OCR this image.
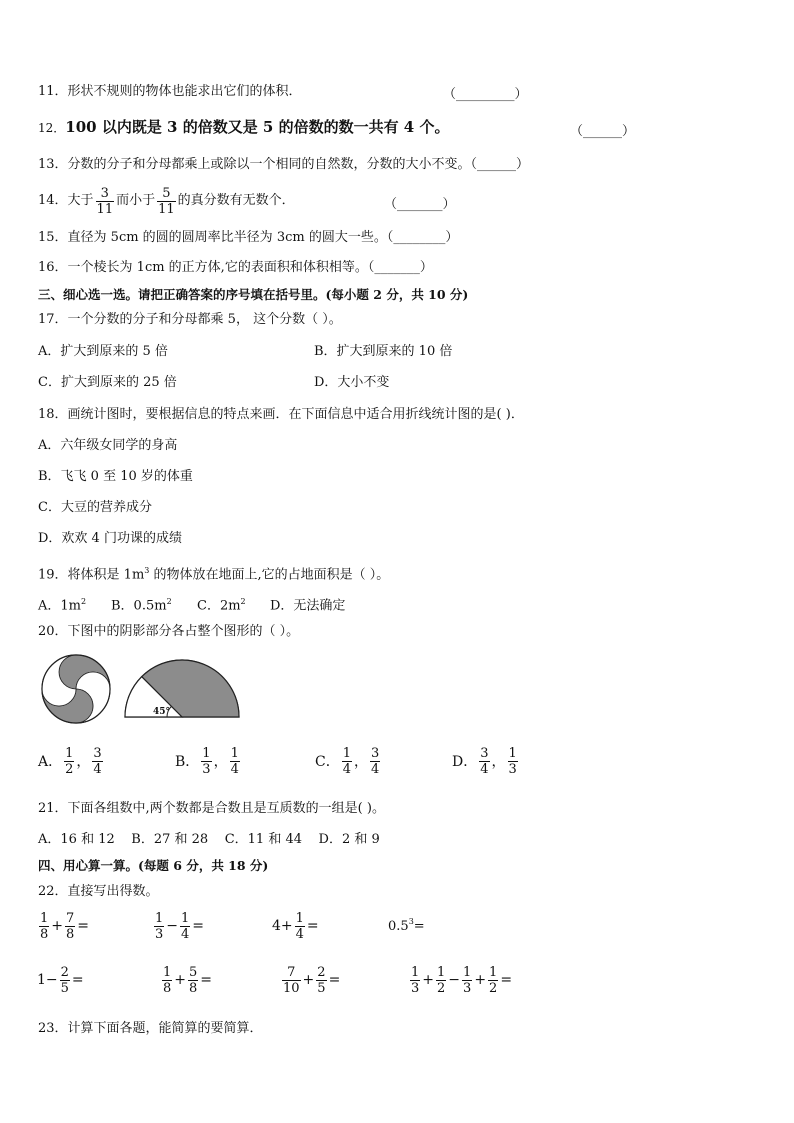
11．形状不规则的物体也能求出它们的体积．	（_________）
12．100 以内既是 3 的倍数又是 5 的倍数的数一共有 4 个。	（______）
13．分数的分子和分母都乘上或除以一个相同的自然数，分数的大小不变。（______）
14．大于 $\frac{3}{11}$ 而小于 $\frac{5}{11}$ 的真分数有无数个．	（_______）
15．直径为 5cm 的圆的圆周率比半径为 3cm 的圆大一些。（________）
16．一个棱长为 1cm 的正方体,它的表面积和体积相等。（_______）
三、细心选一选。请把正确答案的序号填在括号里。(每小题 2 分，共 10 分)
17．一个分数的分子和分母都乘 5， 这个分数（ ）。
A．扩大到原来的 5 倍	B．扩大到原来的 10 倍
C．扩大到原来的 25 倍	D．大小不变
18．画统计图时，要根据信息的特点来画．在下面信息中适合用折线统计图的是( )．
A．六年级女同学的身高
B．飞飞 0 至 10 岁的体重
C．大豆的营养成分
D．欢欢 4 门功课的成绩
19．将体积是 $1m^3$ 的物体放在地面上,它的占地面积是（ ）。
A．$1m^2$ B．$0.5m^2$ C．$2m^2$ D．无法确定
20．下图中的阴影部分各占整个图形的（ ）。
45°
A． $\frac{1}{2}$ ， $\frac{3}{4}$	B． $\frac{1}{3}$ ， $\frac{1}{4}$	C． $\frac{1}{4}$ ， $\frac{3}{4}$	D． $\frac{3}{4}$ ， $\frac{1}{3}$
21．下面各组数中,两个数都是合数且是互质数的一组是( )。
A．16 和 12    B．27 和 28    C．11 和 44    D．2 和 9
四、用心算一算。(每题 6 分，共 18 分)
22．直接写出得数。
$\frac{1}{8} + \frac{7}{8}$ =	$\frac{1}{3} - \frac{1}{4}$ =	$4+ \frac{1}{4}$ =	0.5 3 =
$1- \frac{2}{5}$ =	$\frac{1}{8} + \frac{5}{8}$ =	$\frac{7}{10} + \frac{2}{5}$ =	$\frac{1}{3} + \frac{1}{2} - \frac{1}{3} + \frac{1}{2}$ =
23．计算下面各题，能简算的要简算．
